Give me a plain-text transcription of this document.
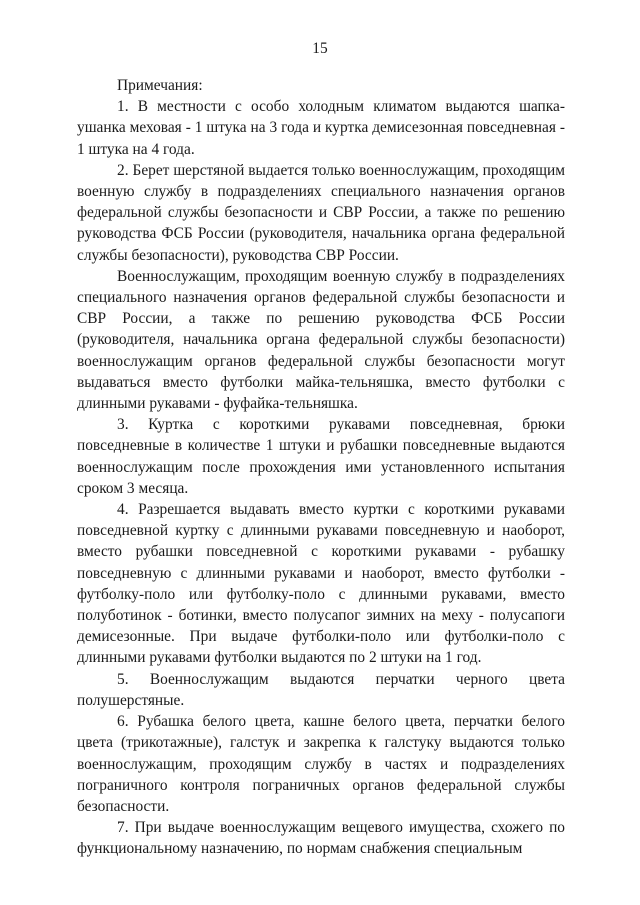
15

Примечания:

1. В местности с особо холодным климатом выдаются шапка-ушанка меховая - 1 штука на 3 года и куртка демисезонная повседневная - 1 штука на 4 года.

2. Берет шерстяной выдается только военнослужащим, проходящим военную службу в подразделениях специального назначения органов федеральной службы безопасности и СВР России, а также по решению руководства ФСБ России (руководителя, начальника органа федеральной службы безопасности), руководства СВР России.

Военнослужащим, проходящим военную службу в подразделениях специального назначения органов федеральной службы безопасности и СВР России, а также по решению руководства ФСБ России (руководителя, начальника органа федеральной службы безопасности) военнослужащим органов федеральной службы безопасности могут выдаваться вместо футболки майка-тельняшка, вместо футболки с длинными рукавами - фуфайка-тельняшка.

3. Куртка с короткими рукавами повседневная, брюки повседневные в количестве 1 штуки и рубашки повседневные выдаются военнослужащим после прохождения ими установленного испытания сроком 3 месяца.

4. Разрешается выдавать вместо куртки с короткими рукавами повседневной куртку с длинными рукавами повседневную и наоборот, вместо рубашки повседневной с короткими рукавами - рубашку повседневную с длинными рукавами и наоборот, вместо футболки - футболку-поло или футболку-поло с длинными рукавами, вместо полуботинок - ботинки, вместо полусапог зимних на меху - полусапоги демисезонные. При выдаче футболки-поло или футболки-поло с длинными рукавами футболки выдаются по 2 штуки на 1 год.

5. Военнослужащим выдаются перчатки черного цвета полушерстяные.

6. Рубашка белого цвета, кашне белого цвета, перчатки белого цвета (трикотажные), галстук и закрепка к галстуку выдаются только военнослужащим, проходящим службу в частях и подразделениях пограничного контроля пограничных органов федеральной службы безопасности.

7. При выдаче военнослужащим вещевого имущества, схожего по функциональному назначению, по нормам снабжения специальным
